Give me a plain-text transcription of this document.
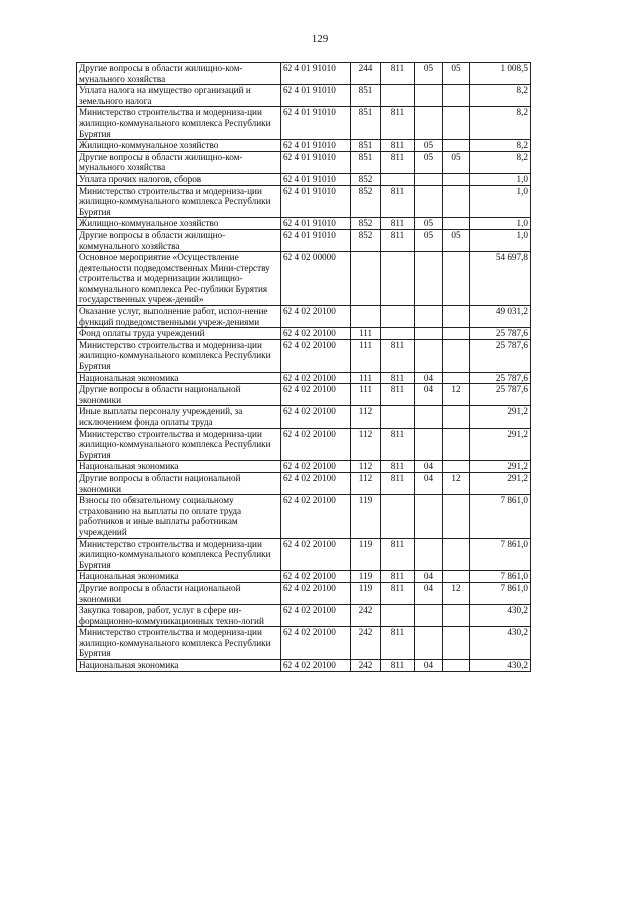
129
Другие вопросы в области жилищно-ком-мунального хозяйства	62 4 01 91010	244	811	05	05	1 008,5
Уплата налога на имущество организаций и земельного налога	62 4 01 91010	851				8,2
Министерство строительства и модерниза-ции жилищно-коммунального комплекса Республики Бурятия	62 4 01 91010	851	811			8,2
Жилищно-коммунальное хозяйство	62 4 01 91010	851	811	05		8,2
Другие вопросы в области жилищно-ком-мунального хозяйства	62 4 01 91010	851	811	05	05	8,2
Уплата прочих налогов, сборов	62 4 01 91010	852				1,0
Министерство строительства и модерниза-ции жилищно-коммунального комплекса Республики Бурятия	62 4 01 91010	852	811			1,0
Жилищно-коммунальное хозяйство	62 4 01 91010	852	811	05		1,0
Другие вопросы в области жилищно-коммунального хозяйства	62 4 01 91010	852	811	05	05	1,0
Основное мероприятие «Осуществление деятельности подведомственных Мини-стерству строительства и модернизации жилищно-коммунального комплекса Рес-публики Бурятия государственных учреж-дений»	62 4 02 00000					54 697,8
Оказание услуг, выполнение работ, испол-нение функций подведомственными учреж-дениями	62 4 02 20100					49 031,2
Фонд оплаты труда учреждений	62 4 02 20100	111				25 787,6
Министерство строительства и модерниза-ции жилищно-коммунального комплекса Республики Бурятия	62 4 02 20100	111	811			25 787,6
Национальная экономика	62 4 02 20100	111	811	04		25 787,6
Другие вопросы в области национальной экономики	62 4 02 20100	111	811	04	12	25 787,6
Иные выплаты персоналу учреждений, за исключением фонда оплаты труда	62 4 02 20100	112				291,2
Министерство строительства и модерниза-ции жилищно-коммунального комплекса Республики Бурятия	62 4 02 20100	112	811			291,2
Национальная экономика	62 4 02 20100	112	811	04		291,2
Другие вопросы в области национальной экономики	62 4 02 20100	112	811	04	12	291,2
Взносы по обязательному социальному страхованию на выплаты по оплате труда работников и иные выплаты работникам учреждений	62 4 02 20100	119				7 861,0
Министерство строительства и модерниза-ции жилищно-коммунального комплекса Республики Бурятия	62 4 02 20100	119	811			7 861,0
Национальная экономика	62 4 02 20100	119	811	04		7 861,0
Другие вопросы в области национальной экономики	62 4 02 20100	119	811	04	12	7 861,0
Закупка товаров, работ, услуг в сфере ин-формационно-коммуникационных техно-логий	62 4 02 20100	242				430,2
Министерство строительства и модерниза-ции жилищно-коммунального комплекса Республики Бурятия	62 4 02 20100	242	811			430,2
Национальная экономика	62 4 02 20100	242	811	04		430,2
